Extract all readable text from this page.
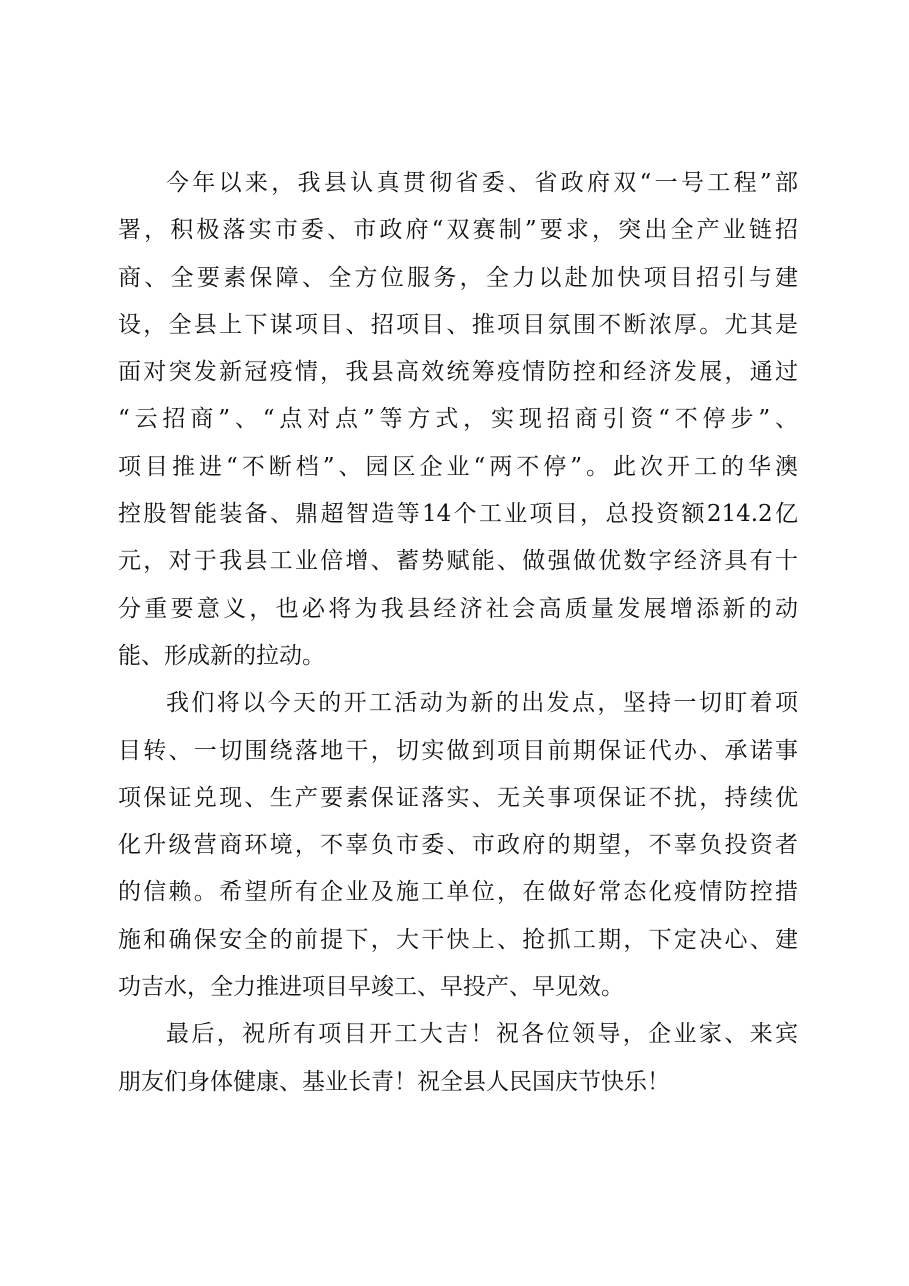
今年以来，我县认真贯彻省委、省政府双“一号工程”部
署，积极落实市委、市政府“双赛制”要求，突出全产业链招
商、全要素保障、全方位服务，全力以赴加快项目招引与建
设，全县上下谋项目、招项目、推项目氛围不断浓厚。尤其是
面对突发新冠疫情，我县高效统筹疫情防控和经济发展，通过
“云招商”、“点对点”等方式，实现招商引资“不停步”、
项目推进“不断档”、园区企业“两不停”。此次开工的华澳
控股智能装备、鼎超智造等14个工业项目，总投资额214.2亿
元，对于我县工业倍增、蓄势赋能、做强做优数字经济具有十
分重要意义，也必将为我县经济社会高质量发展增添新的动
能、形成新的拉动。
我们将以今天的开工活动为新的出发点，坚持一切盯着项
目转、一切围绕落地干，切实做到项目前期保证代办、承诺事
项保证兑现、生产要素保证落实、无关事项保证不扰，持续优
化升级营商环境，不辜负市委、市政府的期望，不辜负投资者
的信赖。希望所有企业及施工单位，在做好常态化疫情防控措
施和确保安全的前提下，大干快上、抢抓工期，下定决心、建
功吉水，全力推进项目早竣工、早投产、早见效。
最后，祝所有项目开工大吉！祝各位领导，企业家、来宾
朋友们身体健康、基业长青！祝全县人民国庆节快乐！
